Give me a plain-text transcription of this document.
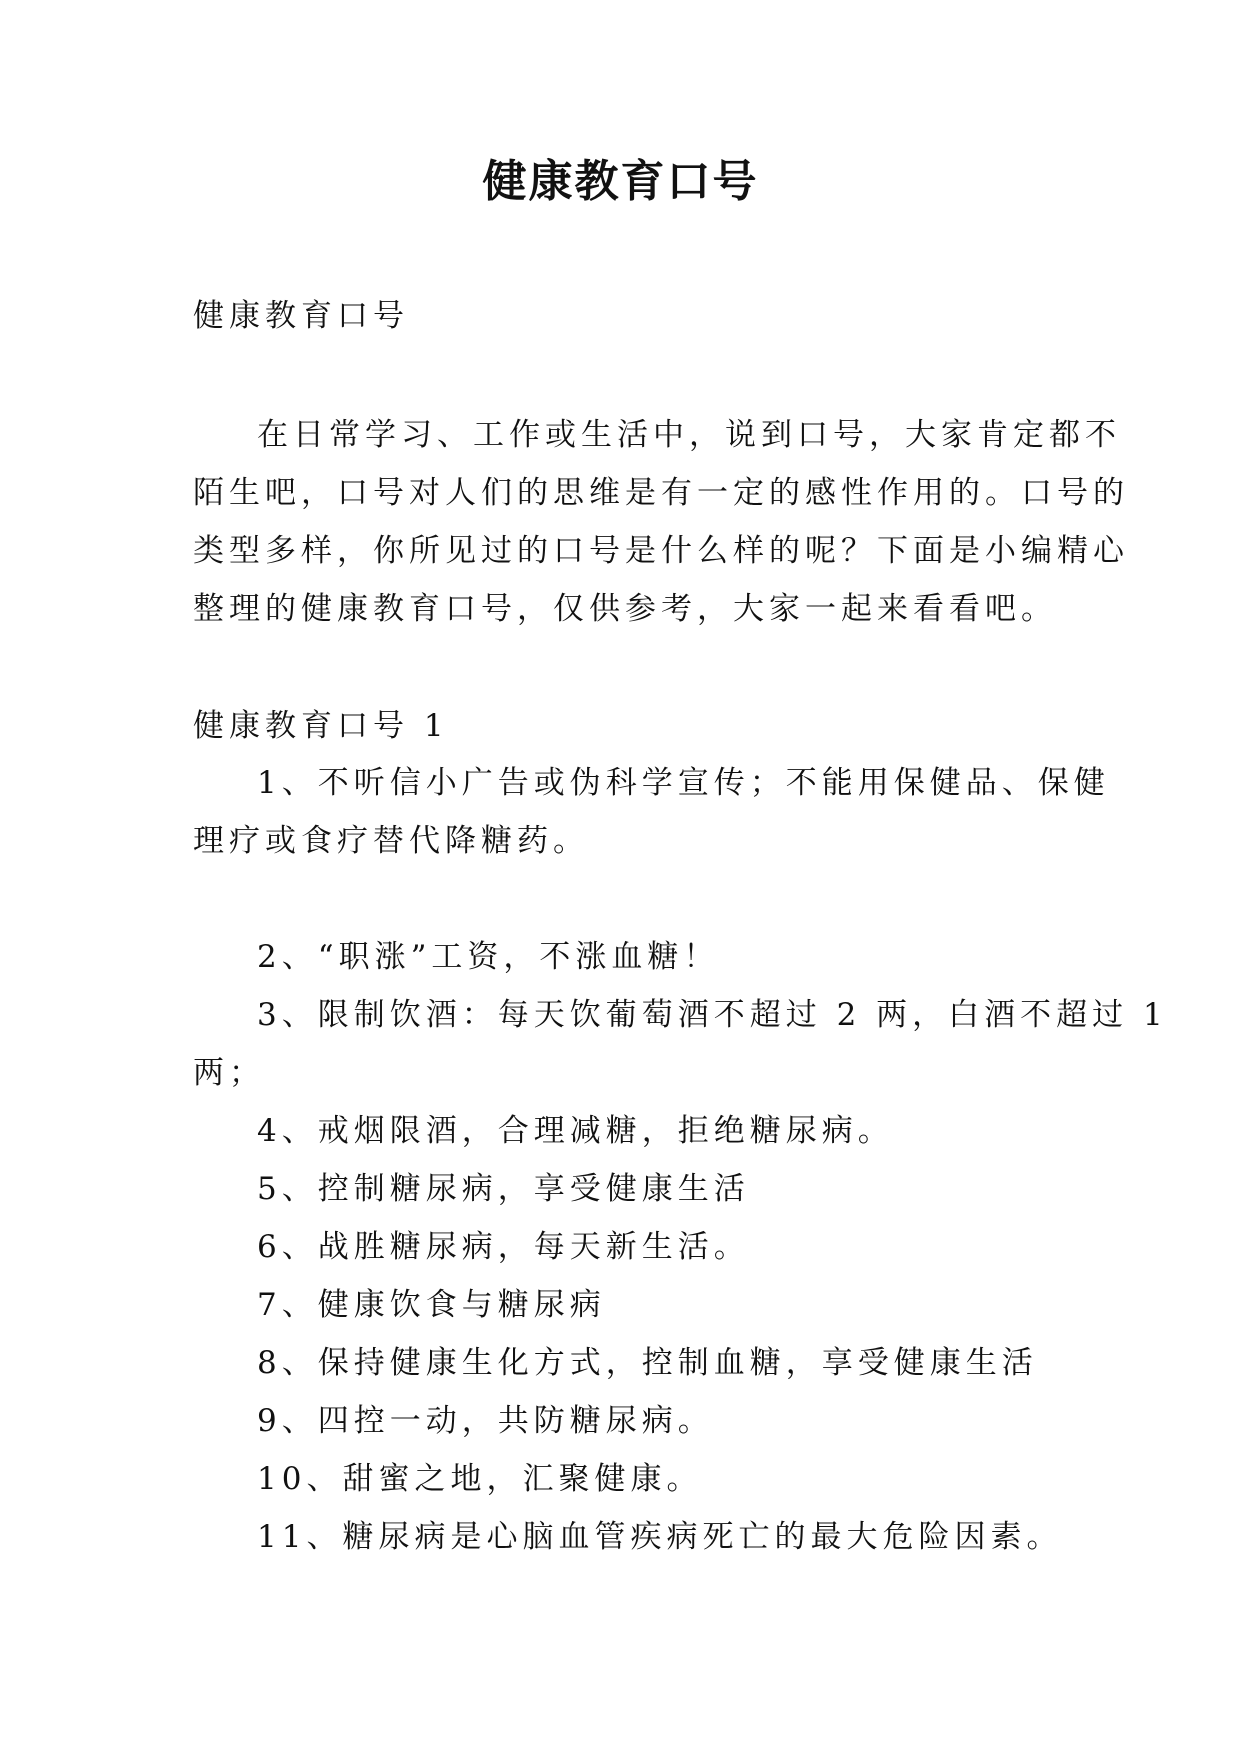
健康教育口号
健康教育口号
在日常学习、工作或生活中，说到口号，大家肯定都不
陌生吧，口号对人们的思维是有一定的感性作用的。口号的
类型多样，你所见过的口号是什么样的呢？下面是小编精心
整理的健康教育口号，仅供参考，大家一起来看看吧。
健康教育口号 1
1、不听信小广告或伪科学宣传；不能用保健品、保健
理疗或食疗替代降糖药。
2、“职涨”工资，不涨血糖！
3、限制饮酒：每天饮葡萄酒不超过 2 两，白酒不超过 1
两；
4、戒烟限酒，合理减糖，拒绝糖尿病。
5、控制糖尿病，享受健康生活
6、战胜糖尿病，每天新生活。
7、健康饮食与糖尿病
8、保持健康生化方式，控制血糖，享受健康生活
9、四控一动，共防糖尿病。
10、甜蜜之地，汇聚健康。
11、糖尿病是心脑血管疾病死亡的最大危险因素。
